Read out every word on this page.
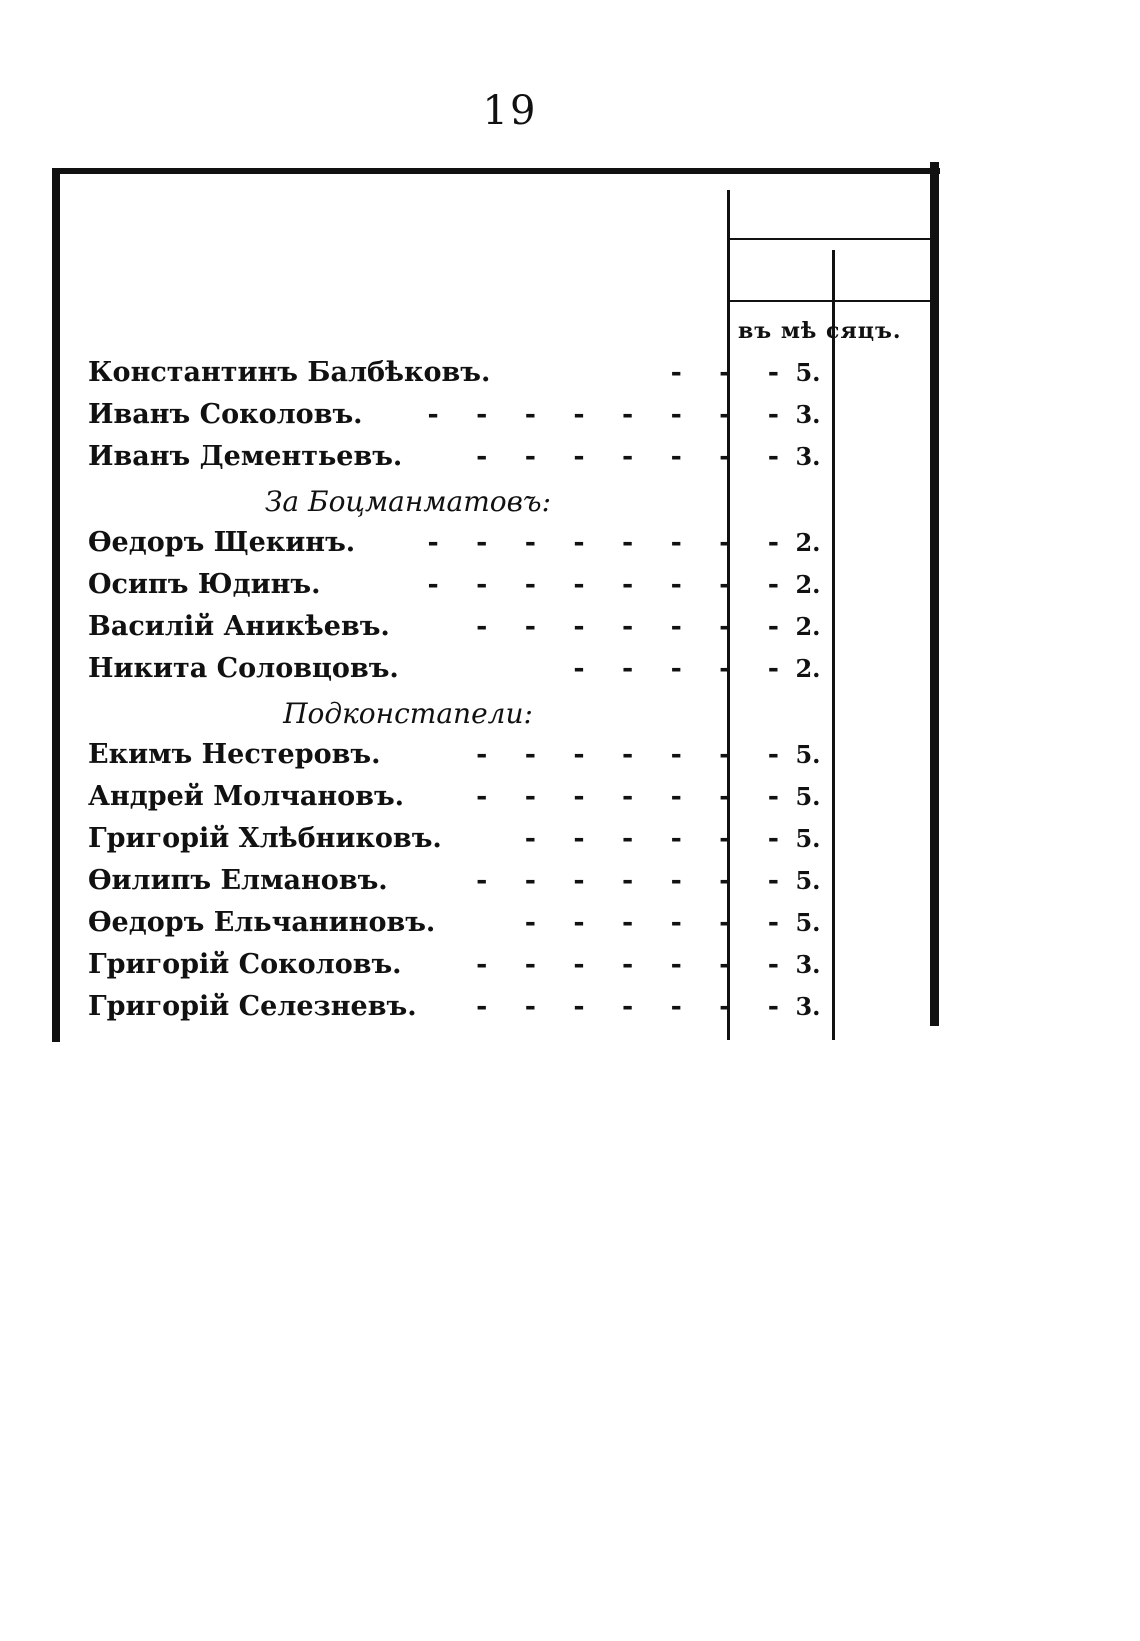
19
въ мѣ сяцъ.
Константинъ Балбѣковъ.	- - - 5.
Иванъ Соколовъ. - - - - - - - - 3.
Иванъ Дементьевъ.	- - - - - - - 3.
За Боцманматовъ:
Ѳедоръ Щекинъ.	- - - - - - - - 2.
Осипъ Юдинъ.	- - - - - - - - 2.
Василій Аникѣевъ.	- - - - - - - 2.
Никита Соловцовъ.	- - - - - 2.
Подконстапели:
Екимъ Нестеровъ.	- - - - - - - 5.
Андрей Молчановъ.	- - - - - - - 5.
Григорій Хлѣбниковъ.	- - - - - - 5.
Ѳилипъ Елмановъ.	- - - - - - - 5.
Ѳедоръ Ельчаниновъ.	- - - - - - 5.
Григорій Соколовъ.	- - - - - - - 3.
Григорій Селезневъ. - - - - - - - 3.
